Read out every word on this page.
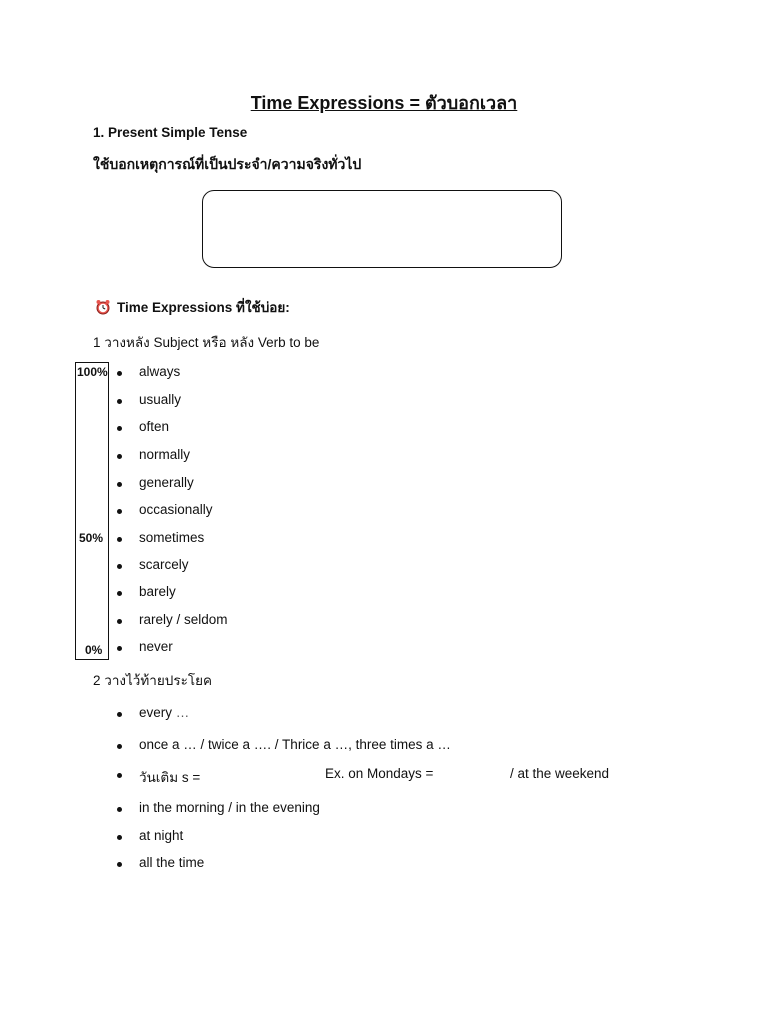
Time Expressions = ตัวบอกเวลา
1. Present Simple Tense
ใช้บอกเหตุการณ์ที่เป็นประจำ/ความจริงทั่วไป
Time Expressions ที่ใช้บ่อย:
1 วางหลัง Subject หรือ หลัง Verb to be
100%
50%
0%
always
usually
often
normally
generally
occasionally
sometimes
scarcely
barely
rarely / seldom
never
2 วางไว้ท้ายประโยค
every …
once a … / twice a …. / Thrice a …, three times a …
วันเติม s =	Ex. on Mondays =	/ at the weekend
in the morning / in the evening
at night
all the time
